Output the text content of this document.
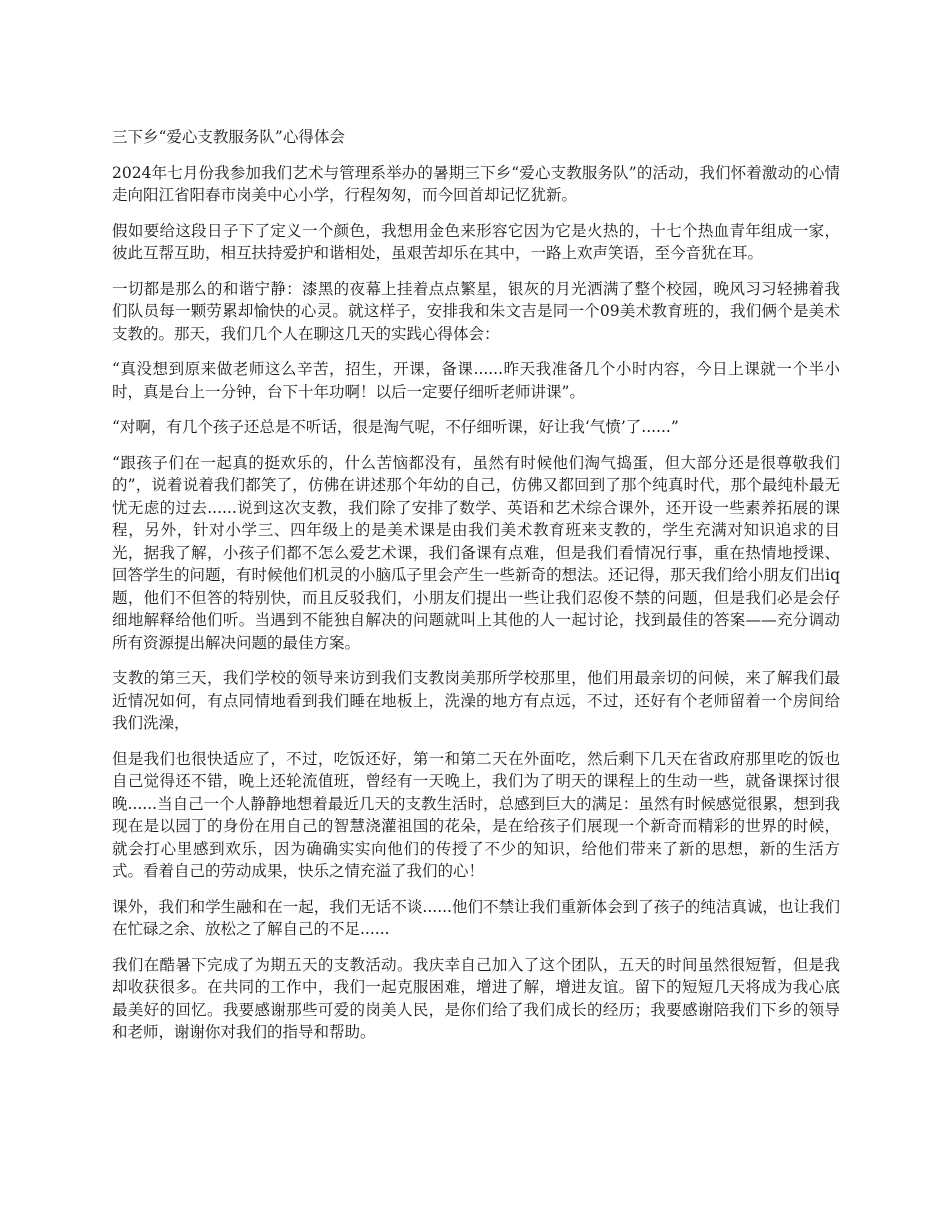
三下乡“爱心支教服务队”心得体会

2024年七月份我参加我们艺术与管理系举办的暑期三下乡“爱心支教服务队”的活动，我们怀着激动的心情走向阳江省阳春市岗美中心小学，行程匆匆，而今回首却记忆犹新。

假如要给这段日子下了定义一个颜色，我想用金色来形容它因为它是火热的，十七个热血青年组成一家，彼此互帮互助，相互扶持爱护和谐相处，虽艰苦却乐在其中，一路上欢声笑语，至今音犹在耳。

一切都是那么的和谐宁静：漆黑的夜幕上挂着点点繁星，银灰的月光洒满了整个校园，晚风习习轻拂着我们队员每一颗劳累却愉快的心灵。就这样子，安排我和朱文吉是同一个09美术教育班的，我们俩个是美术支教的。那天，我们几个人在聊这几天的实践心得体会：

“真没想到原来做老师这么辛苦，招生，开课，备课......昨天我准备几个小时内容，今日上课就一个半小时，真是台上一分钟，台下十年功啊！以后一定要仔细听老师讲课”。

“对啊，有几个孩子还总是不听话，很是淘气呢，不仔细听课，好让我‘气愤’了......”

“跟孩子们在一起真的挺欢乐的，什么苦恼都没有，虽然有时候他们淘气捣蛋，但大部分还是很尊敬我们的”，说着说着我们都笑了，仿佛在讲述那个年幼的自己，仿佛又都回到了那个纯真时代，那个最纯朴最无忧无虑的过去......说到这次支教，我们除了安排了数学、英语和艺术综合课外，还开设一些素养拓展的课程，另外，针对小学三、四年级上的是美术课是由我们美术教育班来支教的，学生充满对知识追求的目光，据我了解，小孩子们都不怎么爱艺术课，我们备课有点难，但是我们看情况行事，重在热情地授课、回答学生的问题，有时候他们机灵的小脑瓜子里会产生一些新奇的想法。还记得，那天我们给小朋友们出iq题，他们不但答的特别快，而且反驳我们，小朋友们提出一些让我们忍俊不禁的问题，但是我们必是会仔细地解释给他们听。当遇到不能独自解决的问题就叫上其他的人一起讨论，找到最佳的答案——充分调动所有资源提出解决问题的最佳方案。

支教的第三天，我们学校的领导来访到我们支教岗美那所学校那里，他们用最亲切的问候，来了解我们最近情况如何，有点同情地看到我们睡在地板上，洗澡的地方有点远，不过，还好有个老师留着一个房间给我们洗澡，

但是我们也很快适应了，不过，吃饭还好，第一和第二天在外面吃，然后剩下几天在省政府那里吃的饭也自己觉得还不错，晚上还轮流值班，曾经有一天晚上，我们为了明天的课程上的生动一些，就备课探讨很晚......当自己一个人静静地想着最近几天的支教生活时，总感到巨大的满足：虽然有时候感觉很累，想到我现在是以园丁的身份在用自己的智慧浇灌祖国的花朵，是在给孩子们展现一个新奇而精彩的世界的时候，就会打心里感到欢乐，因为确确实实向他们的传授了不少的知识，给他们带来了新的思想，新的生活方式。看着自己的劳动成果，快乐之情充溢了我们的心！

课外，我们和学生融和在一起，我们无话不谈......他们不禁让我们重新体会到了孩子的纯洁真诚，也让我们在忙碌之余、放松之了解自己的不足......

我们在酷暑下完成了为期五天的支教活动。我庆幸自己加入了这个团队，五天的时间虽然很短暂，但是我却收获很多。在共同的工作中，我们一起克服困难，增进了解，增进友谊。留下的短短几天将成为我心底最美好的回忆。我要感谢那些可爱的岗美人民，是你们给了我们成长的经历；我要感谢陪我们下乡的领导和老师，谢谢你对我们的指导和帮助。
